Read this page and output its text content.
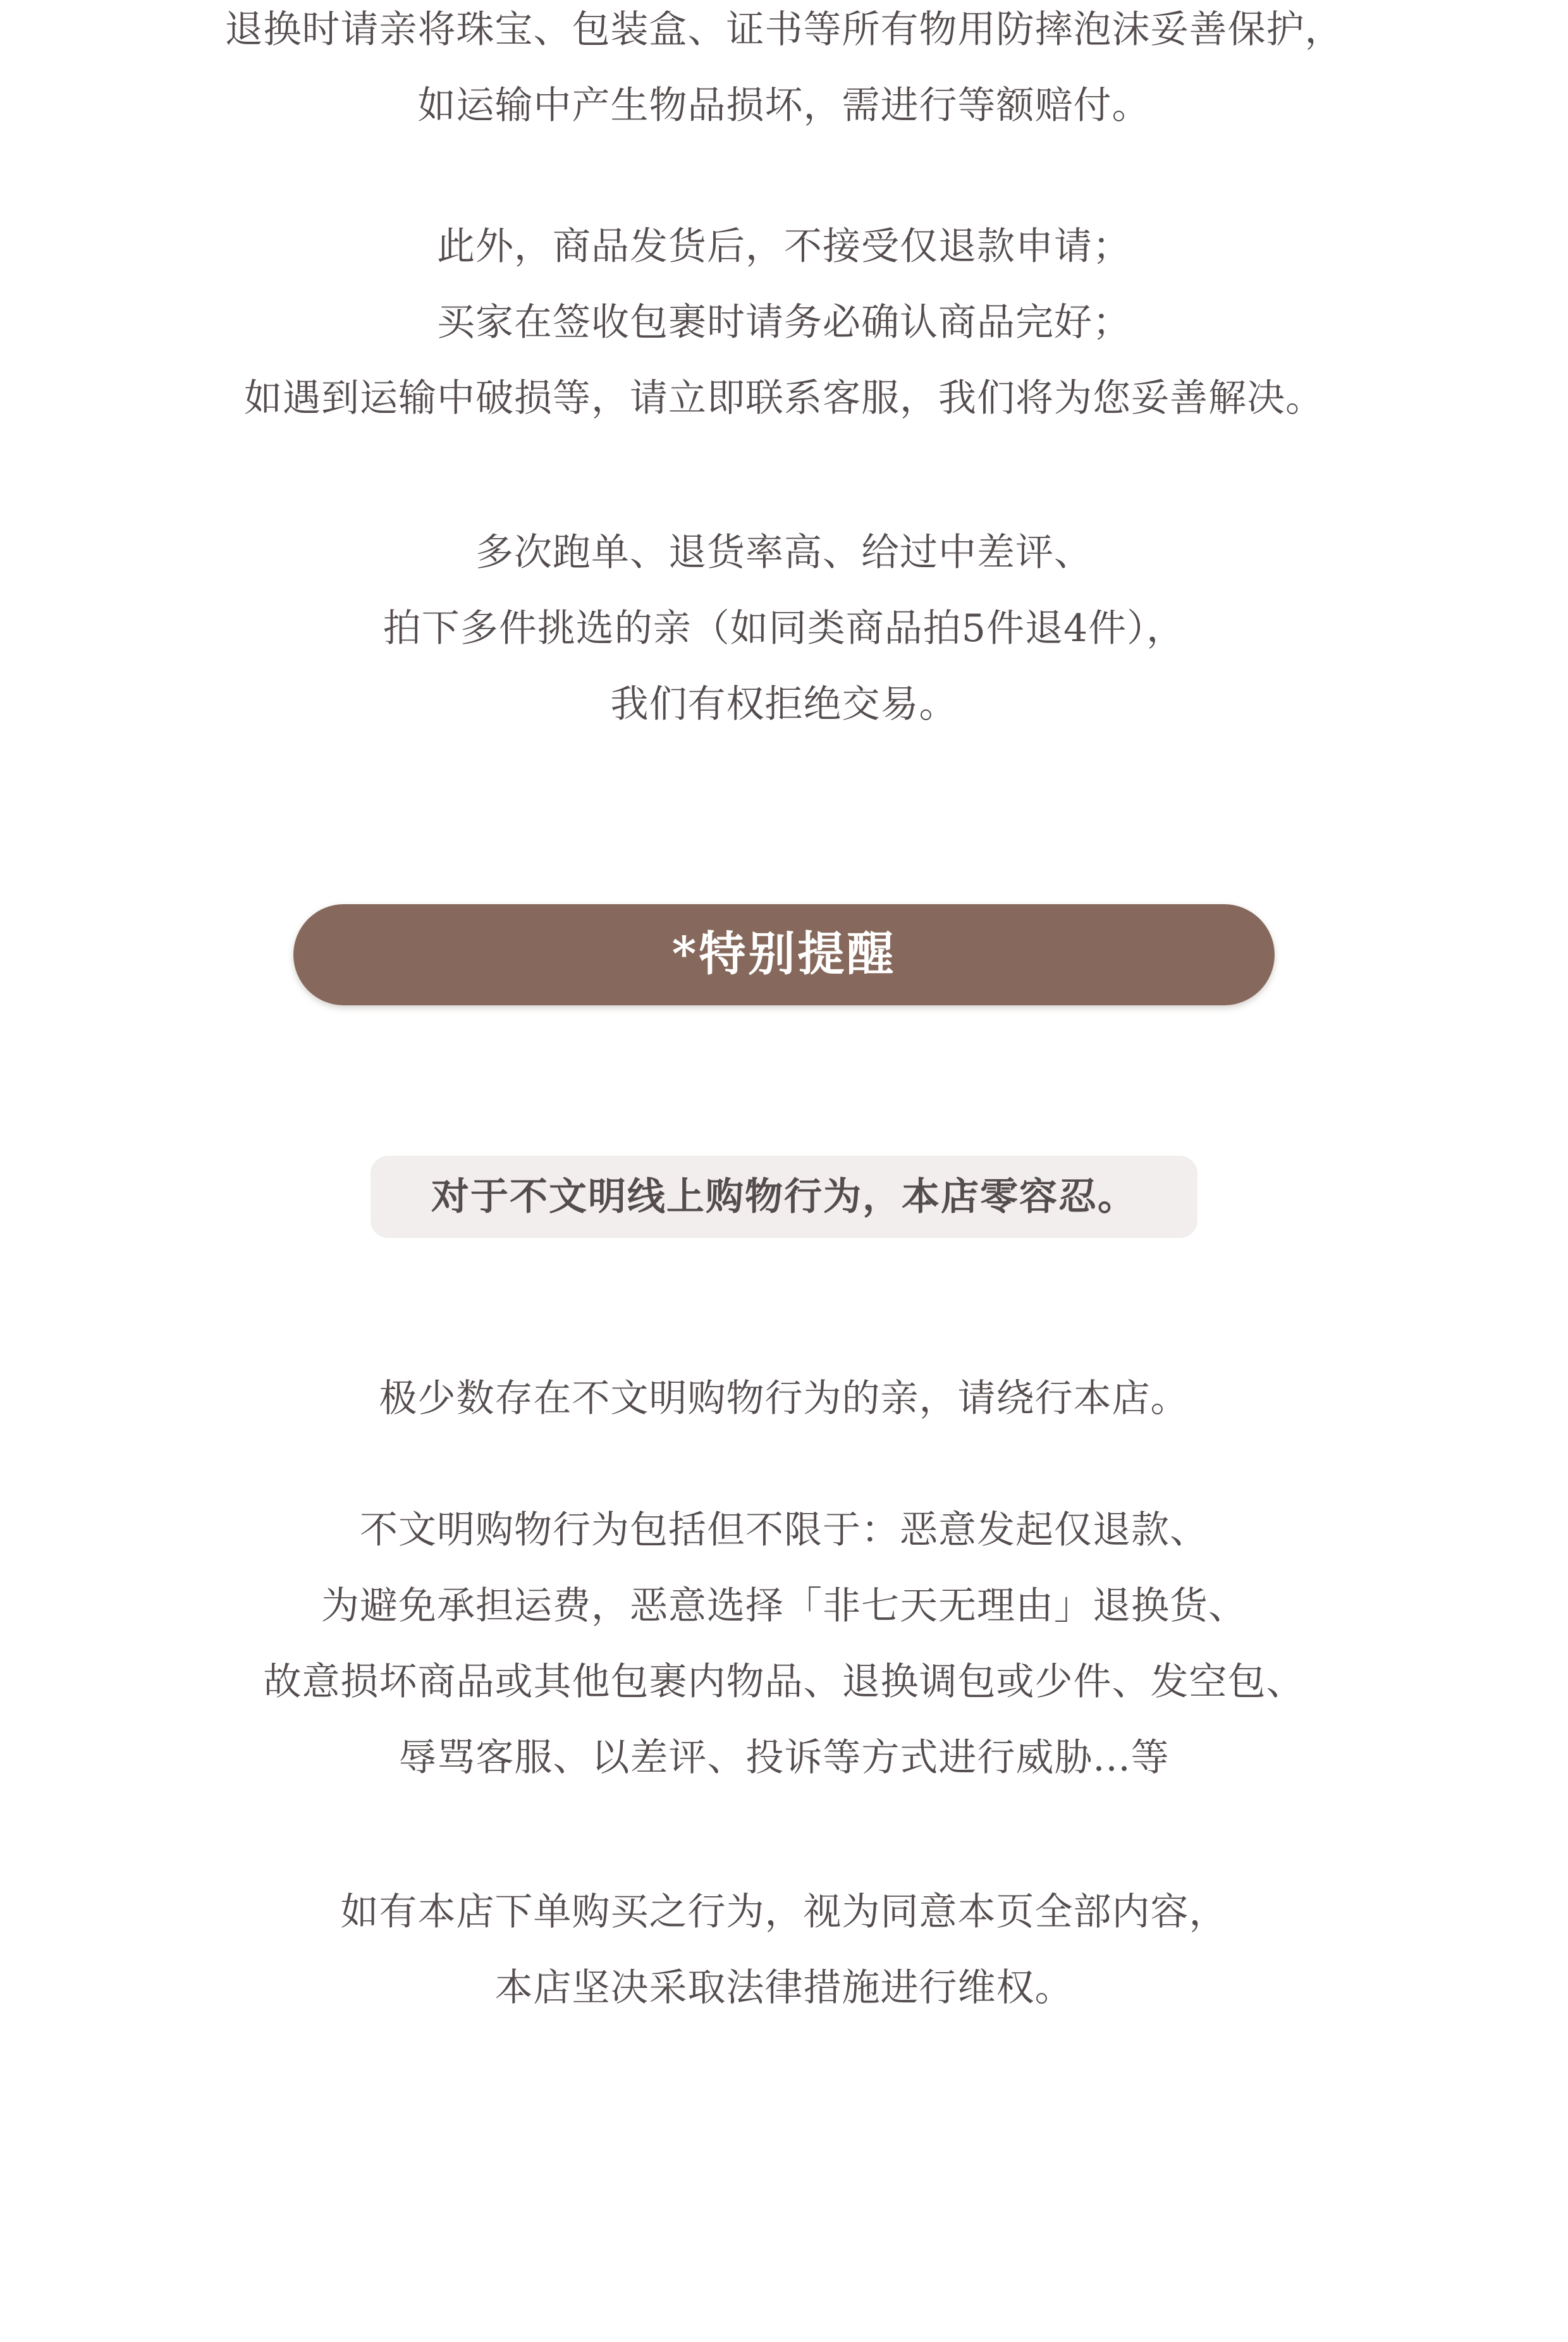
退换时请亲将珠宝、包装盒、证书等所有物用防摔泡沫妥善保护，

如运输中产生物品损坏，需进行等额赔付。

此外，商品发货后，不接受仅退款申请；

买家在签收包裹时请务必确认商品完好；

如遇到运输中破损等，请立即联系客服，我们将为您妥善解决。

多次跑单、退货率高、给过中差评、

拍下多件挑选的亲（如同类商品拍5件退4件），

我们有权拒绝交易。

*特别提醒
对于不文明线上购物行为，本店零容忍。

极少数存在不文明购物行为的亲，请绕行本店。

不文明购物行为包括但不限于：恶意发起仅退款、

为避免承担运费，恶意选择「非七天无理由」退换货、

故意损坏商品或其他包裹内物品、退换调包或少件、发空包、

辱骂客服、以差评、投诉等方式进行威胁...等

如有本店下单购买之行为，视为同意本页全部内容，

本店坚决采取法律措施进行维权。
